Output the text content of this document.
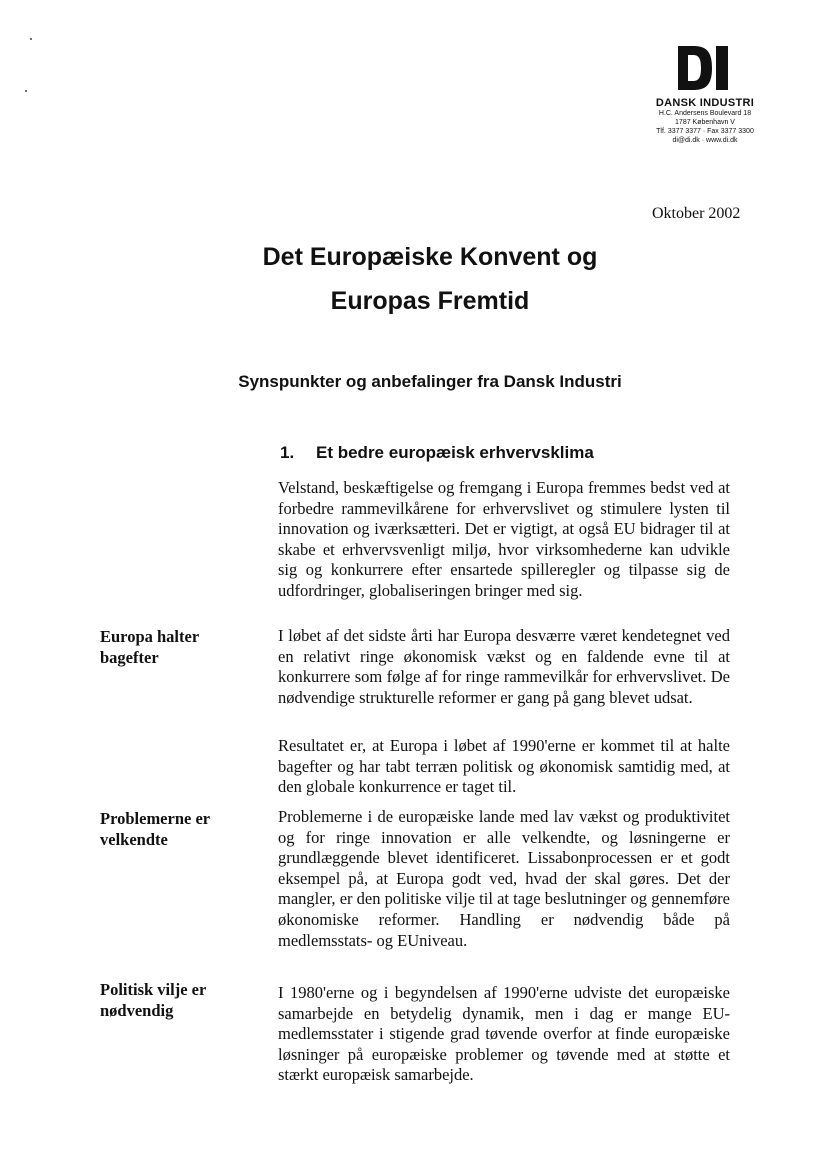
DANSK INDUSTRI
H.C. Andersens Boulevard 18
1787 København V
Tlf. 3377 3377 · Fax 3377 3300
di@di.dk · www.di.dk
Oktober 2002
Det Europæiske Konvent og
Europas Fremtid
Synspunkter og anbefalinger fra Dansk Industri
1. Et bedre europæisk erhvervsklima
Velstand, beskæftigelse og fremgang i Europa fremmes bedst ved at forbedre rammevilkårene for erhvervslivet og stimulere lysten til innovation og iværksætteri. Det er vigtigt, at også EU bidrager til at skabe et erhvervsvenligt miljø, hvor virksomhederne kan udvikle sig og konkurrere efter ensartede spilleregler og tilpasse sig de udfordringer, globaliseringen bringer med sig.
I løbet af det sidste årti har Europa desværre været kendetegnet ved en relativt ringe økonomisk vækst og en faldende evne til at konkurrere som følge af for ringe rammevilkår for erhvervslivet. De nødvendige strukturelle reformer er gang på gang blevet udsat.
Resultatet er, at Europa i løbet af 1990'erne er kommet til at halte bagefter og har tabt terræn politisk og økonomisk samtidig med, at den globale konkurrence er taget til.
Problemerne i de europæiske lande med lav vækst og produktivitet og for ringe innovation er alle velkendte, og løsningerne er grundlæggende blevet identificeret. Lissabonprocessen er et godt eksempel på, at Europa godt ved, hvad der skal gøres. Det der mangler, er den politiske vilje til at tage beslutninger og gennemføre økonomiske reformer. Handling er nødvendig både på medlemsstats- og EUniveau.
I 1980'erne og i begyndelsen af 1990'erne udviste det europæiske samarbejde en betydelig dynamik, men i dag er mange EU-medlemsstater i stigende grad tøvende overfor at finde europæiske løsninger på europæiske problemer og tøvende med at støtte et stærkt europæisk samarbejde.
Europa halter
bagefter
Problemerne er
velkendte
Politisk vilje er
nødvendig
